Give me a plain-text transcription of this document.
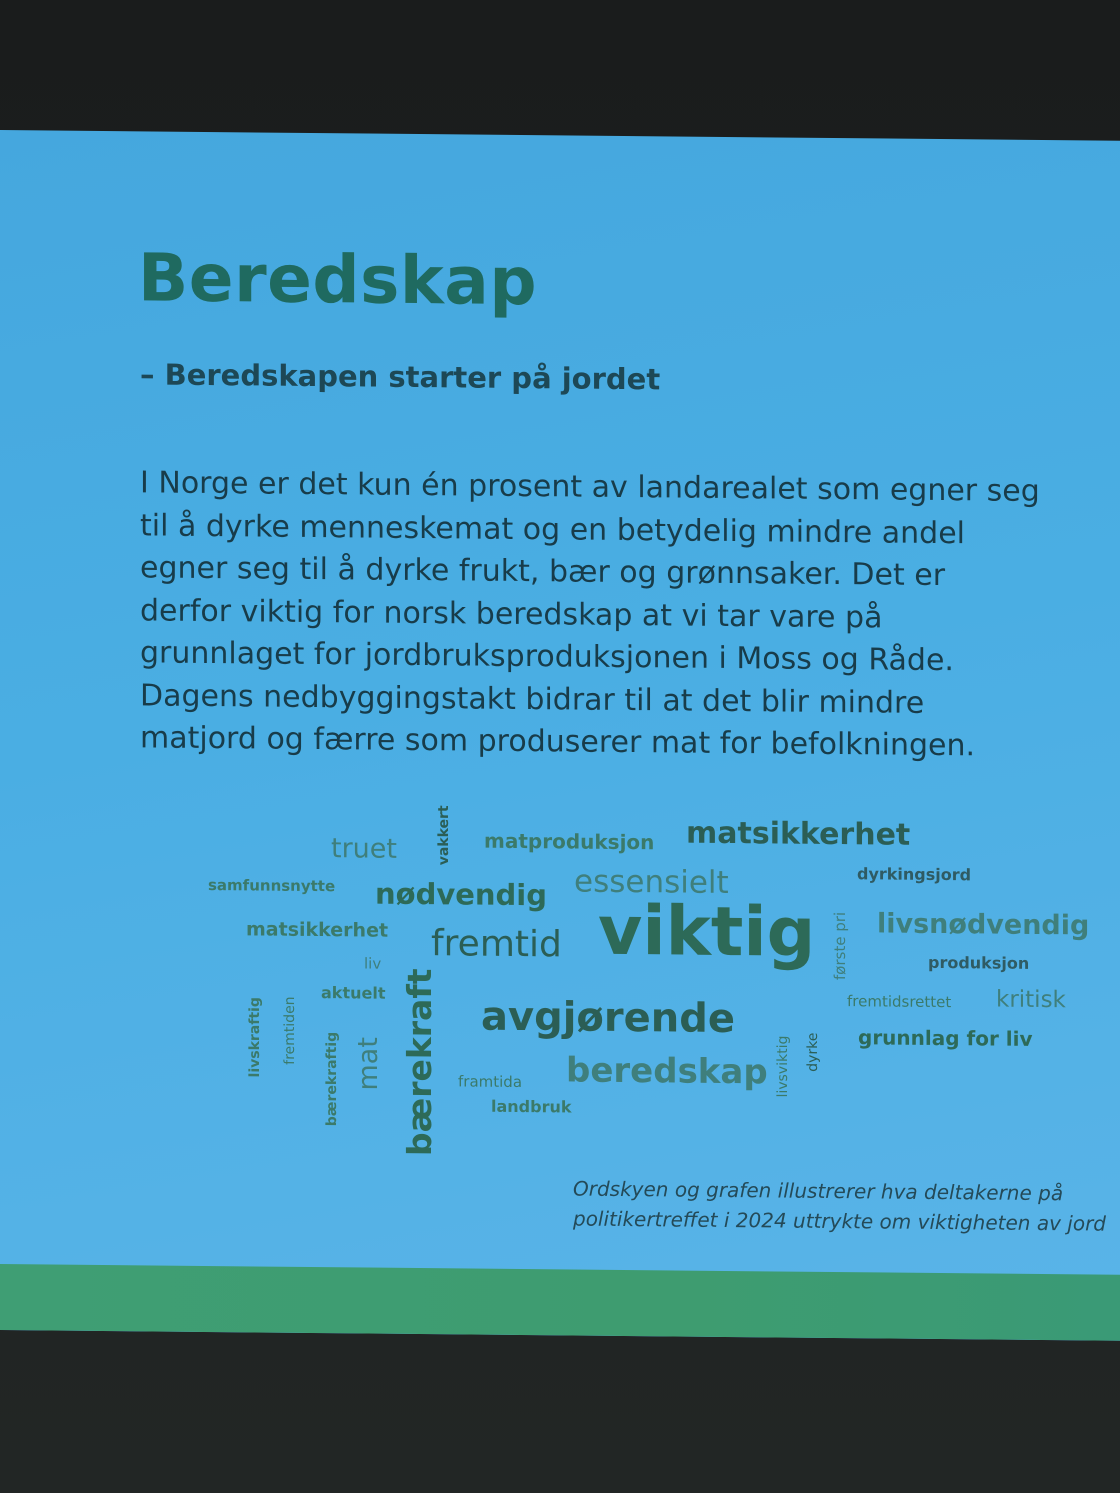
Beredskap
– Beredskapen starter på jordet
I Norge er det kun én prosent av landarealet som egner seg
til å dyrke menneskemat og en betydelig mindre andel
egner seg til å dyrke frukt, bær og grønnsaker. Det er
derfor viktig for norsk beredskap at vi tar vare på
grunnlaget for jordbruksproduksjonen i Moss og Råde.
Dagens nedbyggingstakt bidrar til at det blir mindre
matjord og færre som produserer mat for befolkningen.
truet	vakkert matproduksjon matsikkerhet
samfunnsnytte nødvendig essensielt	dyrkingsjord
matsikkerhet fremtid viktig første pri livsnødvendig
liv	produksjon
livskraftig fremtiden
aktuelt bærekraft	fremtidsrettet kritisk
bærekraftig mat
avgjørende
livsviktig dyrke grunnlag for liv
beredskap
framtida
landbruk
Ordskyen og grafen illustrerer hva deltakerne på
politikertreffet i 2024 uttrykte om viktigheten av jord
